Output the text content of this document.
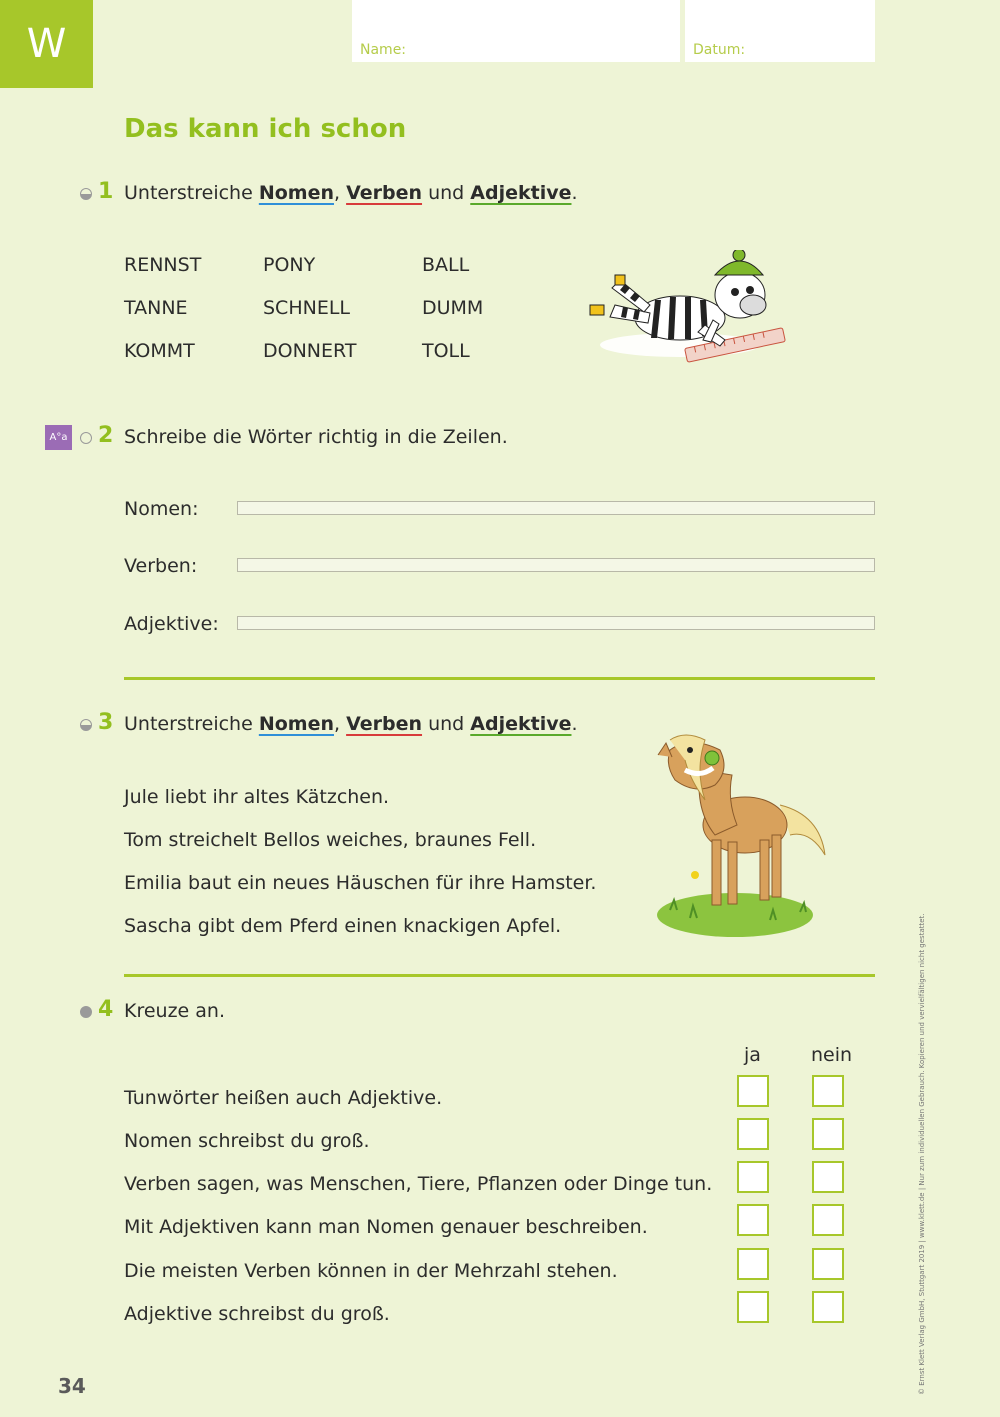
W	Name:	Datum:
Das kann ich schon
1 Unterstreiche Nomen, Verben und Adjektive.
RENNST	PONY	BALL
TANNE	SCHNELL	DUMM
KOMMT	DONNERT	TOLL
A°a 2 Schreibe die Wörter richtig in die Zeilen.
Nomen:
Verben:
Adjektive:
3 Unterstreiche Nomen, Verben und Adjektive.
Jule liebt ihr altes Kätzchen.
Tom streichelt Bellos weiches, braunes Fell.
Emilia baut ein neues Häuschen für ihre Hamster.
Sascha gibt dem Pferd einen knackigen Apfel.
4 Kreuze an.
ja	nein
Tunwörter heißen auch Adjektive.
Nomen schreibst du groß.
Verben sagen, was Menschen, Tiere, Pflanzen oder Dinge tun.
Mit Adjektiven kann man Nomen genauer beschreiben.
Die meisten Verben können in der Mehrzahl stehen.
Adjektive schreibst du groß.
34	© Ernst Klett Verlag GmbH, Stuttgart 2019 | www.klett.de | Nur zum individuellen Gebrauch. Kopieren und vervielfältigen nicht gestattet.
